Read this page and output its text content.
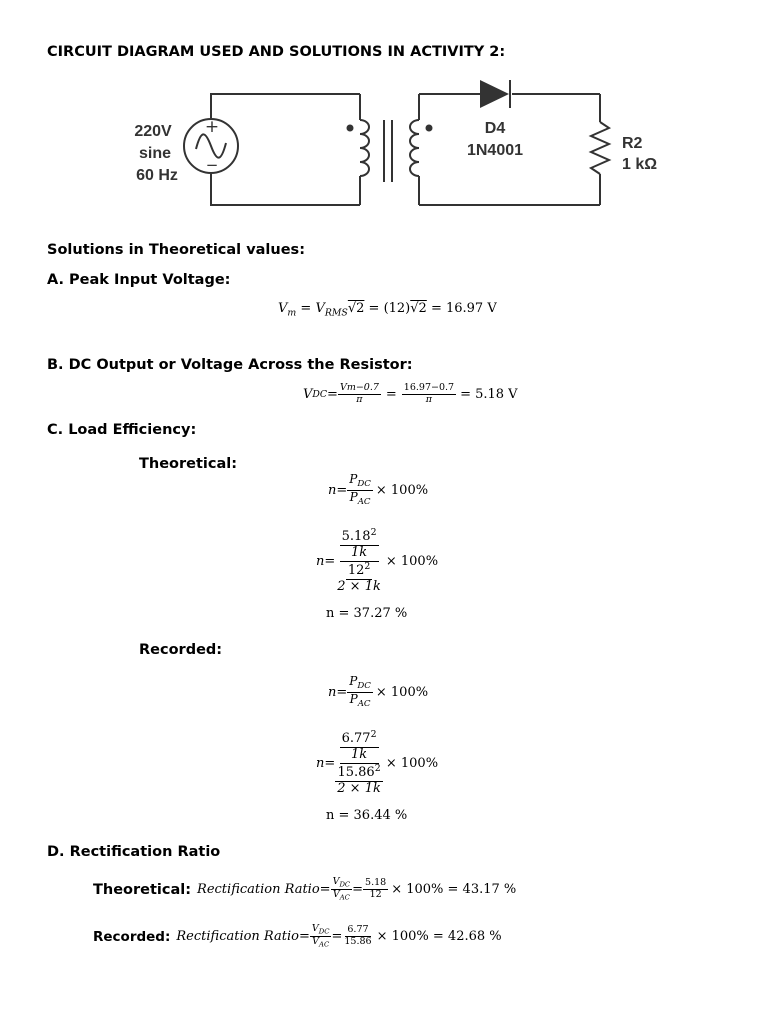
CIRCUIT DIAGRAM USED AND SOLUTIONS IN ACTIVITY 2:
220V
sine
60 Hz
+
−
D4
1N4001	R2
1 kΩ
Solutions in Theoretical values:
A. Peak Input Voltage:
$V_m = V_{RMS}√2 = (12)√2 = 16.97$ V
B. DC Output or Voltage Across the Resistor:
V DC = $\frac{Vm-0.7}{\pi} = \frac{16.97-0.7}{\pi} = 5.18$ V
C. Load Efficiency:
Theoretical:
$n = \frac{P_{DC}}{P_{AC}} \times 100\%$
$n = \frac{\frac{5.18^2}{1k}}{\frac{12^2}{2 \times 1k}} \times 100\%$
n = 37.27 %
Recorded:
$n = \frac{P_{DC}}{P_{AC}} \times 100\%$
$n = \frac{\frac{6.77^2}{1k}}{\frac{15.86^2}{2 \times 1k}} \times 100\%$
n = 36.44 %
D. Rectification Ratio
Theoretical: Rectification Ratio = $\frac{V_{DC}}{V_{AC}} = \frac{5.18}{12} \times 100\% = 43.17$ %
Recorded: Rectification Ratio = $\frac{V_{DC}}{V_{AC}} = \frac{6.77}{15.86} \times 100\% = 42.68$ %
